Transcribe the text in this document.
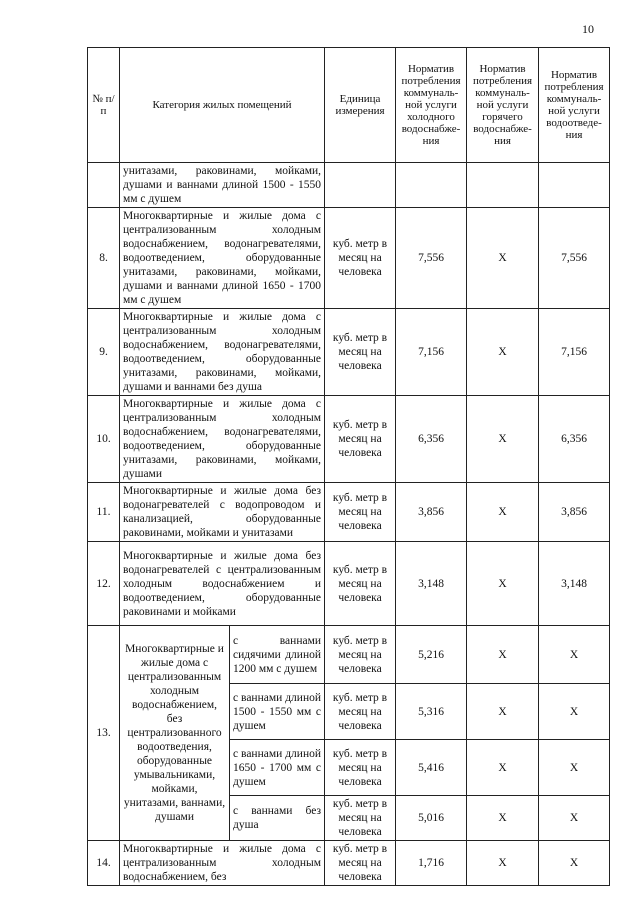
10
№ п/п	Категория жилых помещений		Единица измерения	Норматив потребления коммуналь- ной услуги холодного водоснабже- ния	Норматив потребления коммуналь- ной услуги горячего водоснабже- ния	Норматив потребления коммуналь- ной услуги водоотведе- ния
	унитазами, раковинами, мойками, душами и ваннами длиной 1500 - 1550 мм с душем					
8.	Многоквартирные и жилые дома с централизованным холодным водоснабжением, водонагревателями, водоотведением, оборудованные унитазами, раковинами, мойками, душами и ваннами длиной 1650 - 1700 мм с душем		куб. метр в месяц на человека	7,556	Х	7,556
9.	Многоквартирные и жилые дома с централизованным холодным водоснабжением, водонагревателями, водоотведением, оборудованные унитазами, раковинами, мойками, душами и ваннами без душа		куб. метр в месяц на человека	7,156	Х	7,156
10.	Многоквартирные и жилые дома с централизованным холодным водоснабжением, водонагревателями, водоотведением, оборудованные унитазами, раковинами, мойками, душами		куб. метр в месяц на человека	6,356	Х	6,356
11.	Многоквартирные и жилые дома без водонагревателей с водопроводом и канализацией, оборудованные раковинами, мойками и унитазами		куб. метр в месяц на человека	3,856	Х	3,856
12.	Многоквартирные и жилые дома без водонагревателей с централизованным холодным водоснабжением и водоотведением, оборудованные раковинами и мойками		куб. метр в месяц на человека	3,148	Х	3,148
13.	Многоквартирные и жилые дома с централизованным холодным водоснабжением, без централизованного водоотведения, оборудованные умывальниками, мойками, унитазами, ваннами, душами	с ваннами сидячими длиной 1200 мм с душем	куб. метр в месяц на человека	5,216	Х	Х
		с ваннами длиной 1500 - 1550 мм с душем	куб. метр в месяц на человека	5,316	Х	Х
		с ваннами длиной 1650 - 1700 мм с душем	куб. метр в месяц на человека	5,416	Х	Х
		с ваннами без душа	куб. метр в месяц на человека	5,016	Х	Х
14.	Многоквартирные и жилые дома с централизованным холодным водоснабжением, без		куб. метр в месяц на человека	1,716	Х	Х
